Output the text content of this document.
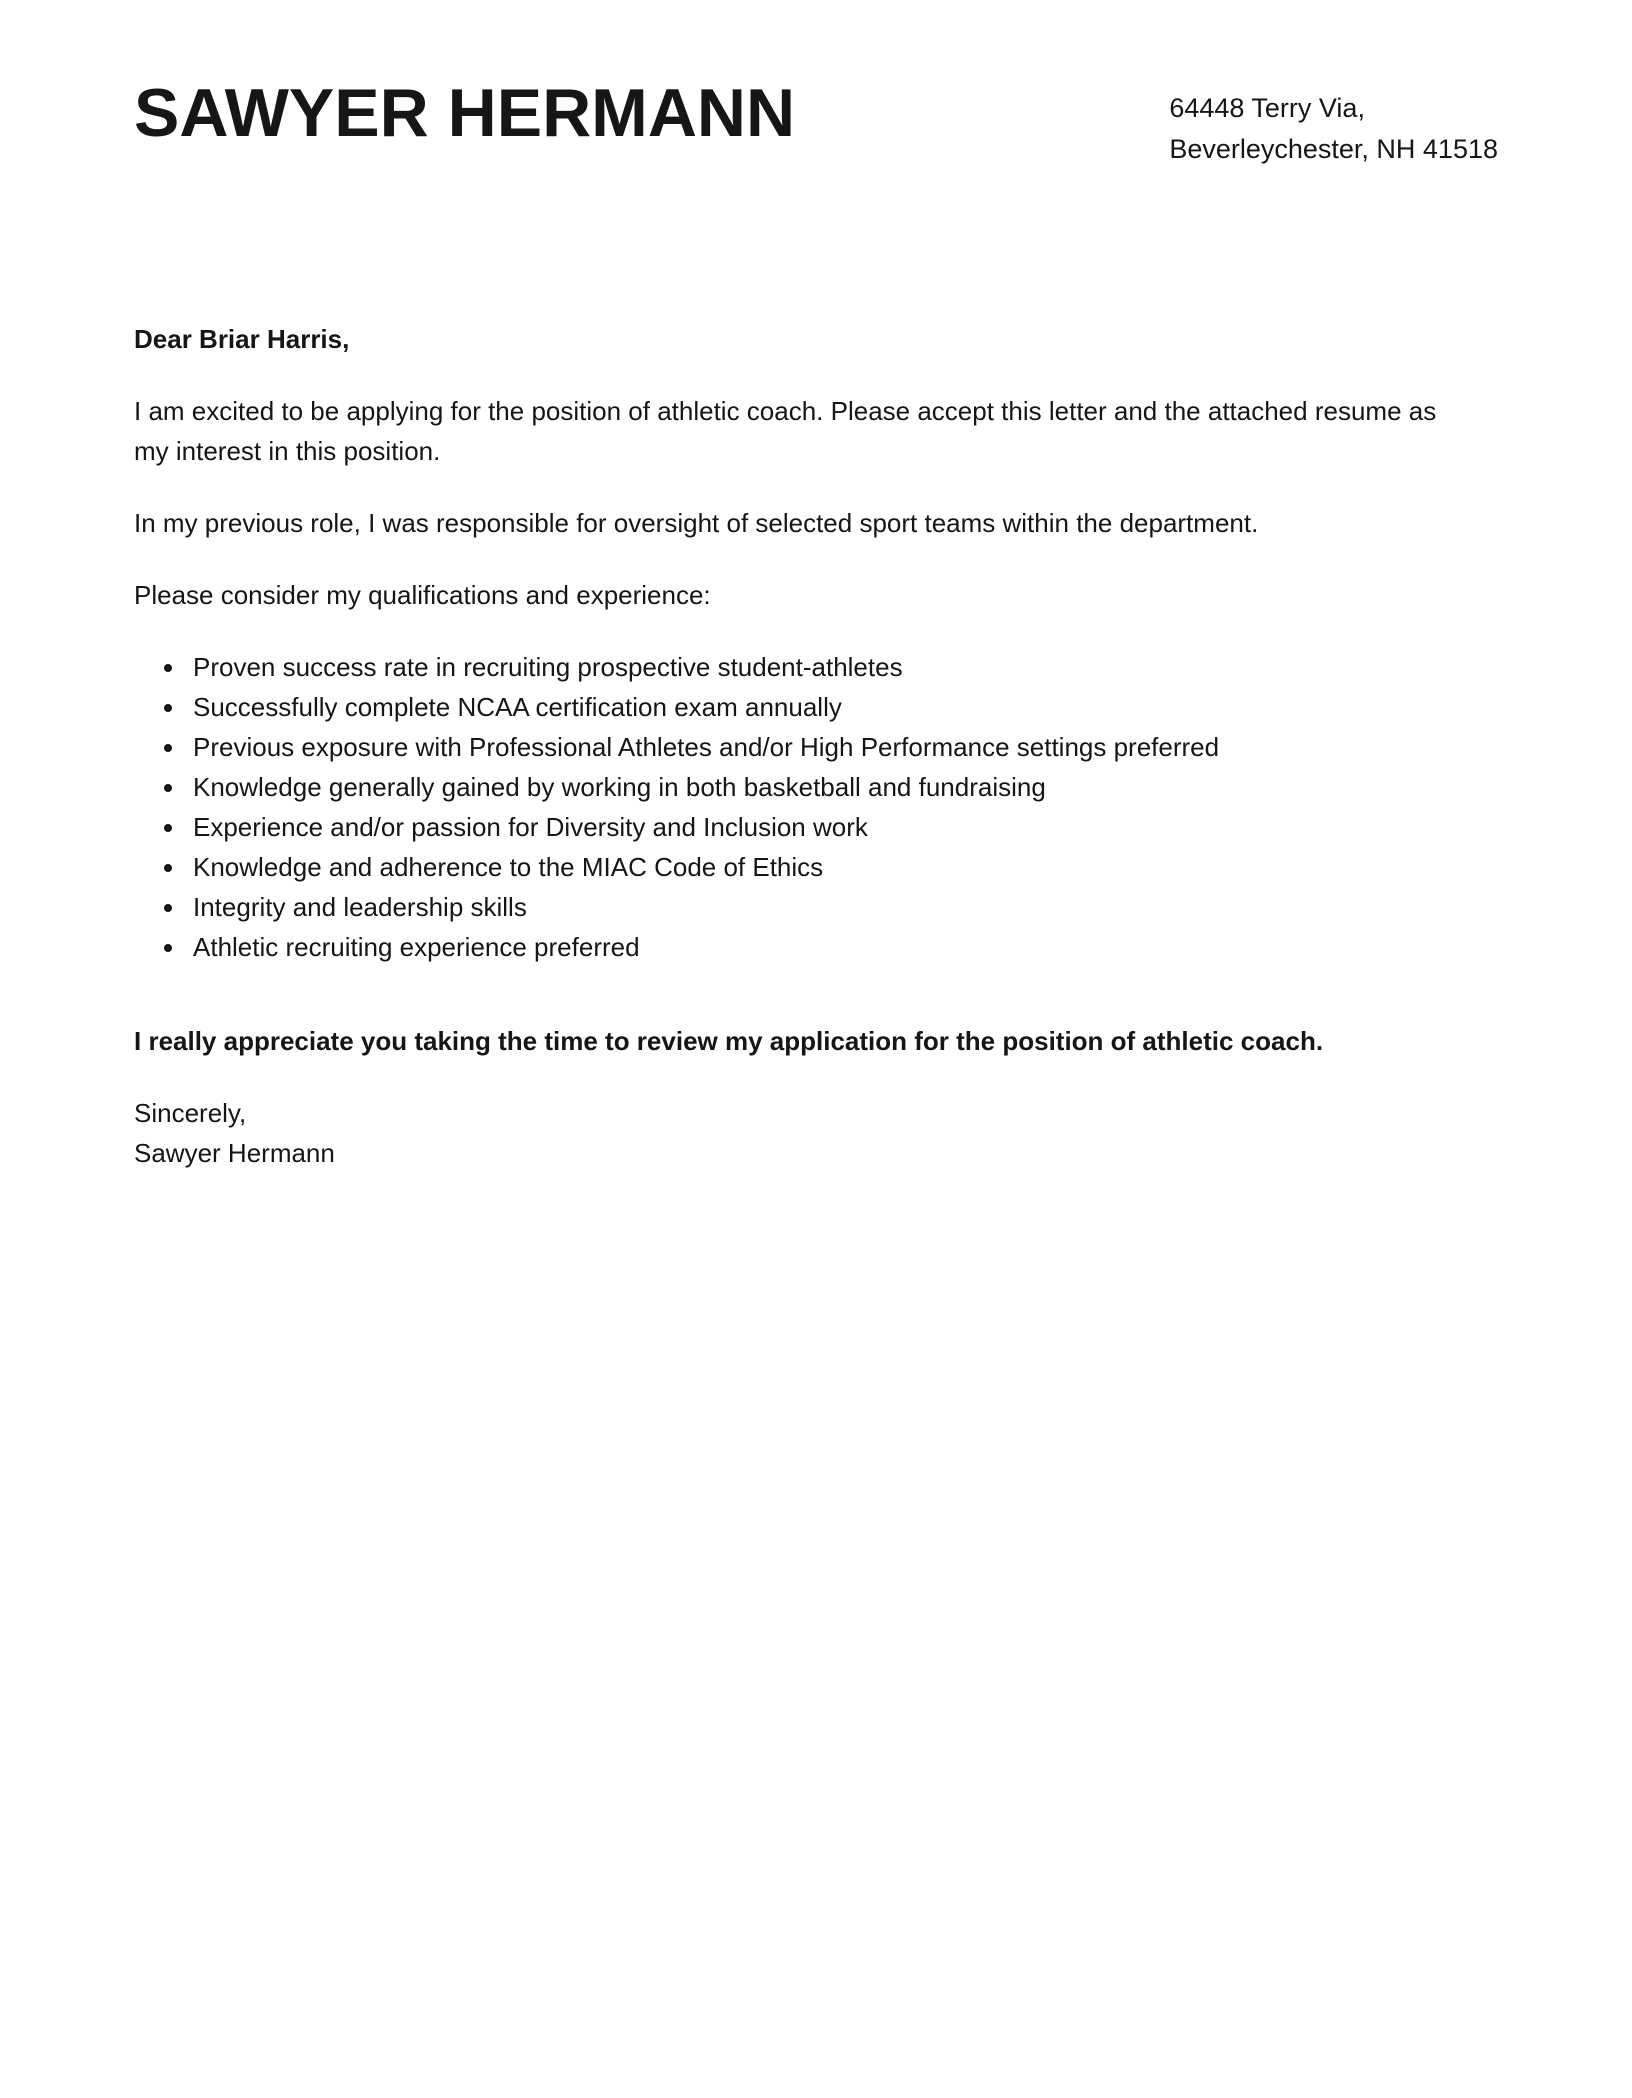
SAWYER HERMANN	64448 Terry Via,
Beverleychester, NH 41518
Dear Briar Harris,

I am excited to be applying for the position of athletic coach. Please accept this letter and the attached resume as my interest in this position.

In my previous role, I was responsible for oversight of selected sport teams within the department.

Please consider my qualifications and experience:

• Proven success rate in recruiting prospective student-athletes
• Successfully complete NCAA certification exam annually
• Previous exposure with Professional Athletes and/or High Performance settings preferred
• Knowledge generally gained by working in both basketball and fundraising
• Experience and/or passion for Diversity and Inclusion work
• Knowledge and adherence to the MIAC Code of Ethics
• Integrity and leadership skills
• Athletic recruiting experience preferred

I really appreciate you taking the time to review my application for the position of athletic coach.

Sincerely,
Sawyer Hermann
